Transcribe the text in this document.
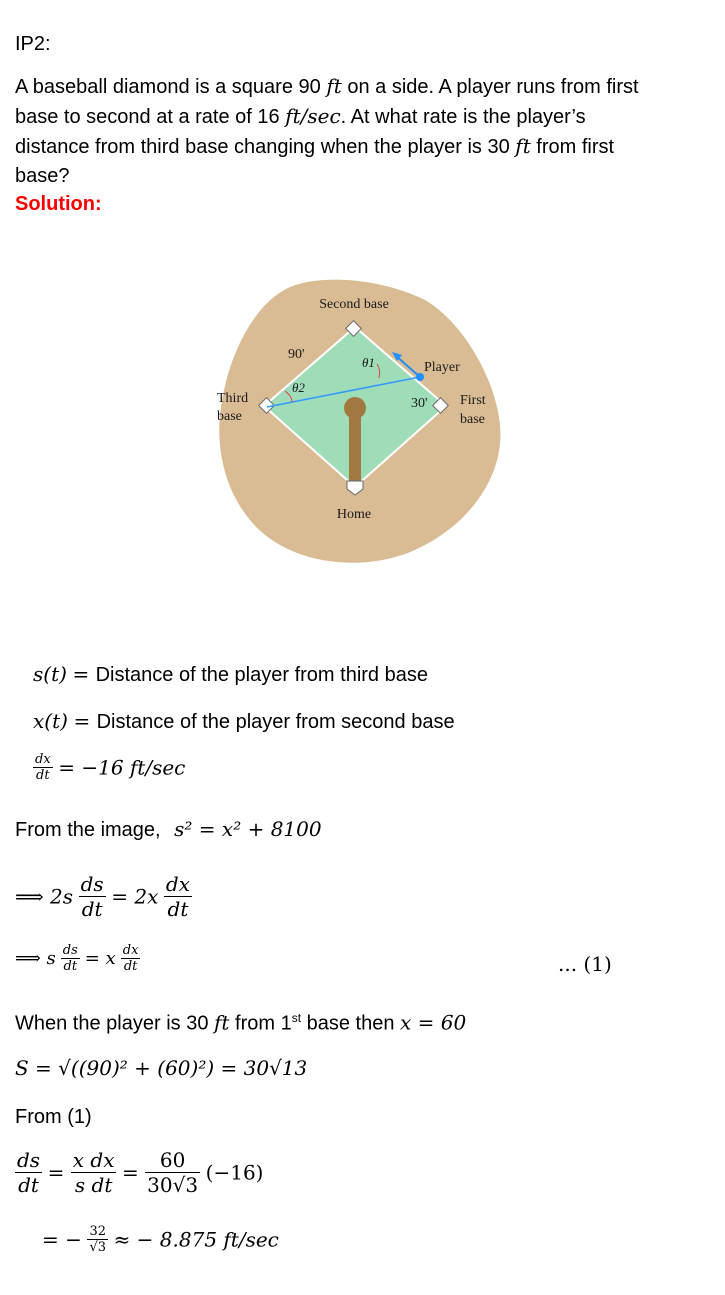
IP2:
A baseball diamond is a square 90 ft on a side. A player runs from first base to second at a rate of 16 ft/sec. At what rate is the player’s distance from third base changing when the player is 30 ft from first base?
Solution:
Second base
Player
Third
base
First
base
Home
90'
30'
θ1
θ2
s(t) = Distance of the player from third base
x(t) = Distance of the player from second base
$\frac{dx}{dt} = -16$ ft/sec
From the image, s² = x² + 8100
⟹ $2s \frac{ds}{dt} = 2x \frac{dx}{dt}$
⟹ s $\frac{ds}{dt} = x \frac{dx}{dt}$	... (1)
When the player is 30 ft from 1st base then x = 60
S = √((90)² + (60)²) = 30√13
From (1)
$\frac{ds}{dt} = \frac{\text{x dx}}{\text{s dt}} = \frac{60}{30√3} (-16)$
= − $\frac{32}{√3}$ ≈ − 8.875 ft/sec
